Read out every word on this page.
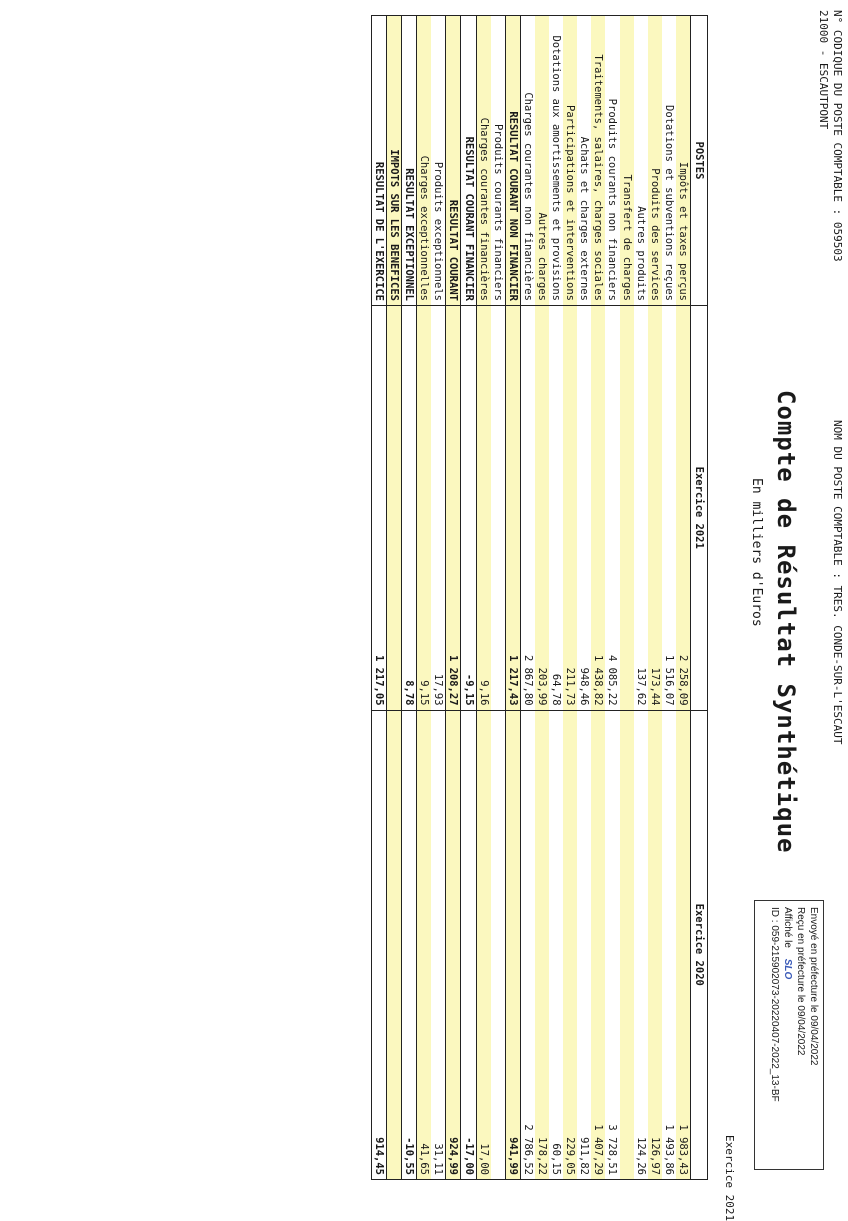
N° CODIQUE DU POSTE COMPTABLE : 059503
NOM DU POSTE COMPTABLE : TRES. CONDE-SUR-L'ESCAUT
21000 - ESCAUTPONT
Exercice 2021
Compte de Résultat Synthétique
En milliers d'Euros
Envoyé en préfecture le 09/04/2022
Reçu en préfecture le 09/04/2022
Affiché le SLO
ID : 059-215902073-20220407-2022_13-BF
POSTES	Exercice 2021	Exercice 2020
Impôts et taxes perçus	2 258,09	1 983,43
Dotations et subventions reçues	1 516,07	1 493,86
Produits des services	173,44	126,97
Autres produits	137,62	124,26
Transfert de charges		
Produits courants non financiers	4 085,22	3 728,51
Traitements, salaires, charges sociales	1 438,82	1 407,29
Achats et charges externes	948,46	911,82
Participations et interventions	211,73	229,05
Dotations aux amortissements et provisions	64,78	60,15
Autres charges	203,99	178,22
Charges courantes non financières	2 867,80	2 786,52
RESULTAT COURANT NON FINANCIER	1 217,43	941,99
Produits courants financiers		
Charges courantes financières	9,16	17,00
RESULTAT COURANT FINANCIER	-9,15	-17,00
RESULTAT COURANT	1 208,27	924,99
Produits exceptionnels	17,93	31,11
Charges exceptionnelles	9,15	41,65
RESULTAT EXCEPTIONNEL	8,78	-10,55
IMPOTS SUR LES BENEFICES		
RESULTAT DE L'EXERCICE	1 217,05	914,45
